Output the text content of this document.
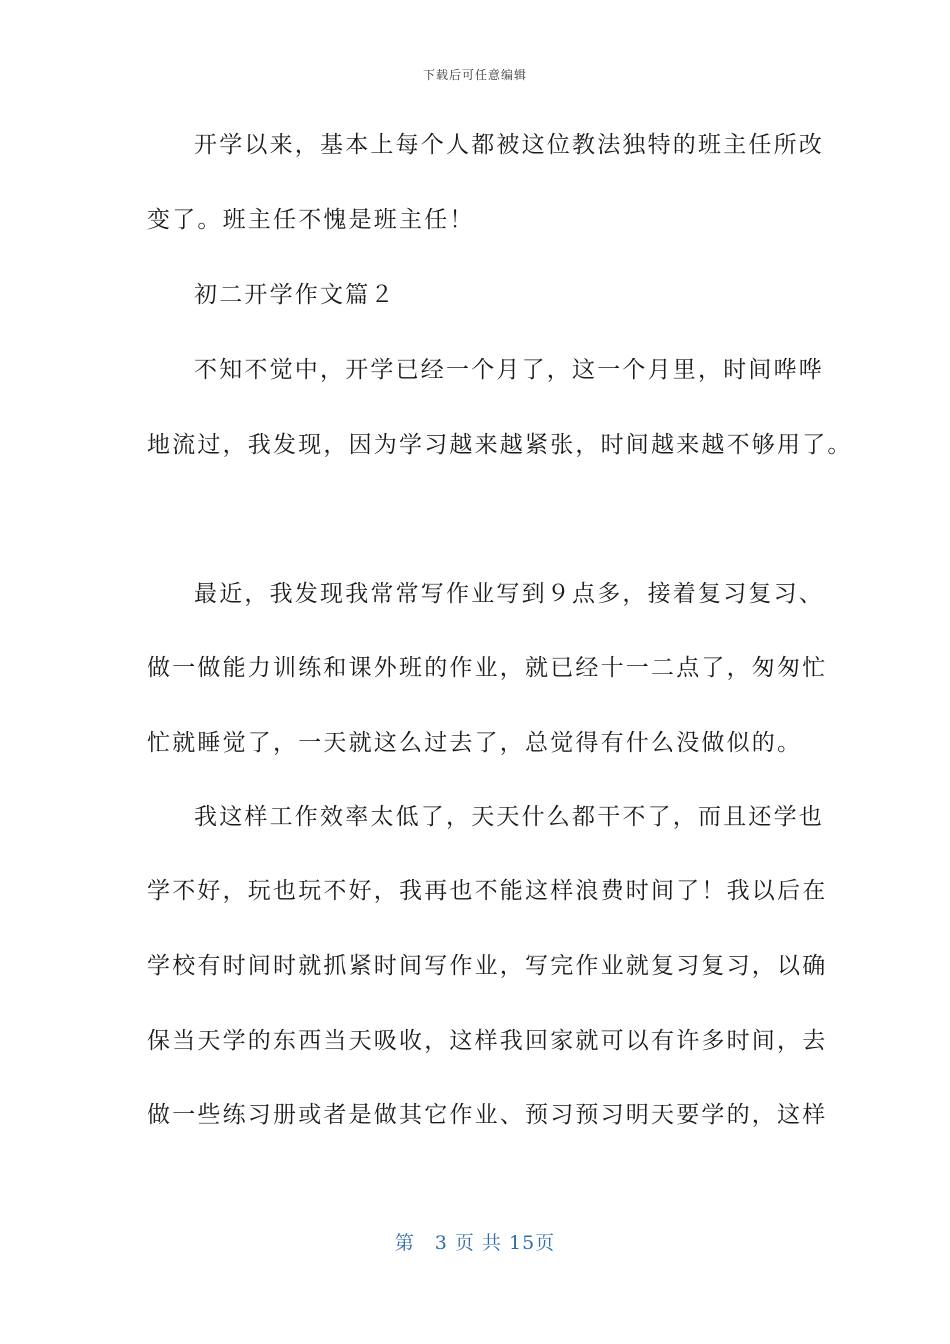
下载后可任意编辑
开学以来，基本上每个人都被这位教法独特的班主任所改
变了。班主任不愧是班主任！
初二开学作文篇２
不知不觉中，开学已经一个月了，这一个月里，时间哗哗
地流过，我发现，因为学习越来越紧张，时间越来越不够用了。
最近，我发现我常常写作业写到９点多，接着复习复习、
做一做能力训练和课外班的作业，就已经十一二点了，匆匆忙
忙就睡觉了，一天就这么过去了，总觉得有什么没做似的。
我这样工作效率太低了，天天什么都干不了，而且还学也
学不好，玩也玩不好，我再也不能这样浪费时间了！我以后在
学校有时间时就抓紧时间写作业，写完作业就复习复习，以确
保当天学的东西当天吸收，这样我回家就可以有许多时间，去
做一些练习册或者是做其它作业、预习预习明天要学的，这样
第　3 页 共 15页
